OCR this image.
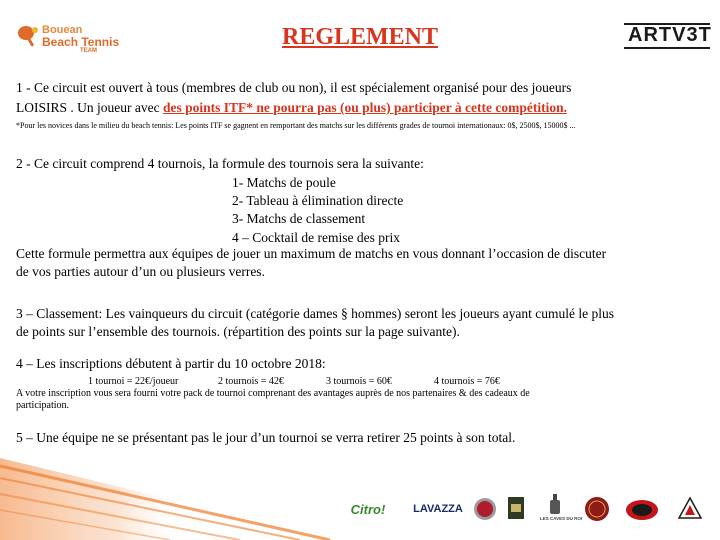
Bouean
Beach Tennis
TEAM
REGLEMENT	ARTV3T
1 - Ce circuit est ouvert à tous (membres de club ou non), il est spécialement organisé pour des joueurs
LOISIRS . Un joueur avec des points ITF* ne pourra pas (ou plus) participer à cette compétition.
*Pour les novices dans le milieu du beach tennis: Les points ITF se gagnent en remportant des matchs sur les différents grades de tournoi internationaux: 0$, 2500$, 15000$ ...
2 - Ce circuit comprend 4 tournois, la formule des tournois sera la suivante:
1- Matchs de poule
2- Tableau à élimination directe
3- Matchs de classement
4 – Cocktail de remise des prix
Cette formule permettra aux équipes de jouer un maximum de matchs en vous donnant l’occasion de discuter
de vos parties autour d’un ou plusieurs verres.
3 – Classement: Les vainqueurs du circuit (catégorie dames § hommes) seront les joueurs ayant cumulé le plus
de points sur l’ensemble des tournois. (répartition des points sur la page suivante).
4 – Les inscriptions débutent à partir du 10 octobre 2018:
1 tournoi = 22€/joueur	2 tournois = 42€	3 tournois = 60€	4 tournois = 76€
A votre inscription vous sera fourni votre pack de tournoi comprenant des avantages auprès de nos partenaires & des cadeaux de
participation.
5 – Une équipe ne se présentant pas le jour d’un tournoi se verra retirer 25 points à son total.
Citro!	LAVAZZA
LES CAVES DU ROI
